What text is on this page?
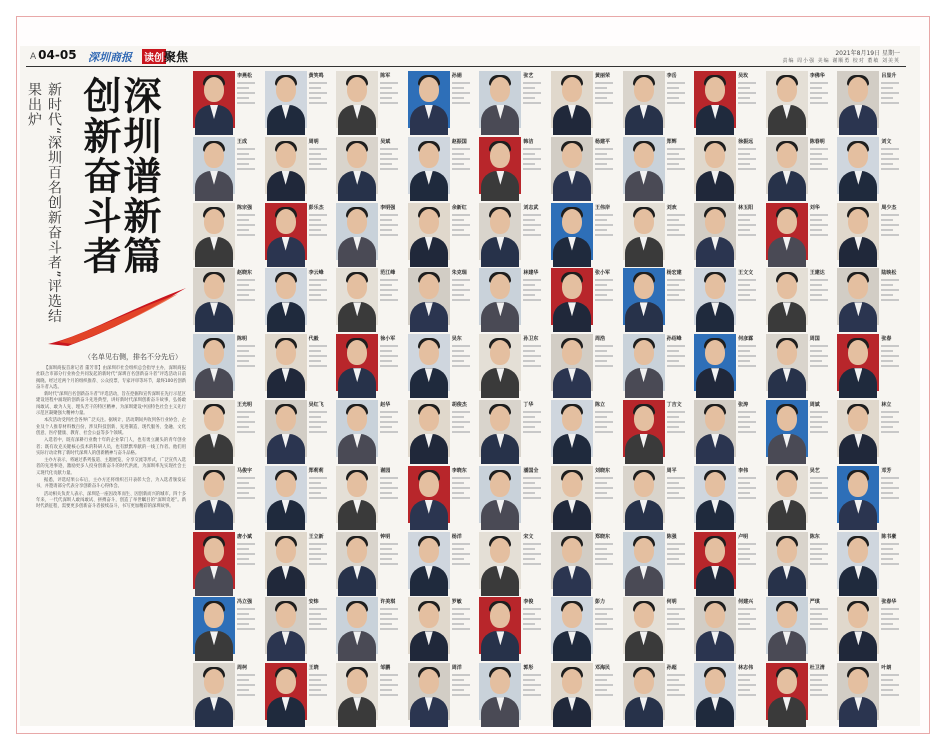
A 04-05 深圳商报 读创 聚焦	2021年8月19日 星期一
责编 周小强 美编 谢顺勇 校对 董敏 刘美英
深圳谱新篇
创新奋斗者
新时代“深圳百名创新奋斗者”评选结果出炉
（名单见右侧，排名不分先后）

【深圳商报首席记者 董芳菲】由深圳市社会组织总会指导主办，深圳商报社联合市部分行业协会共同发起的新时代“深圳百名创新奋斗者”评选活动日前揭晓。经过近两个月的组织推荐、公众投票、专家评审等环节，最终100名创新奋斗者入选。

新时代“深圳百名创新奋斗者”评选活动，旨在挖掘和宣传深圳在先行示范区建设进程中涌现的创新奋斗先进典型，讲好新时代深圳创新奋斗故事，弘扬敢闯敢试、敢为人先、埋头苦干的特区精神，为深圳建设中国特色社会主义先行示范区凝聚强大精神力量。

本次活动受到社会各界广泛关注。据统计，活动期间共收到各行业协会、企业及个人推荐材料数百份，涉及科技创新、先进制造、现代服务、金融、文化创意、医疗健康、教育、社会公益等多个领域。

入选者中，既有深耕行业数十年的企业掌门人，也有勇立潮头的青年创业者；既有攻克关键核心技术的科研人员，也有默默奉献的一线工作者。他们用实际行动诠释了新时代深圳人的创新精神与奋斗品格。

主办方表示，将通过系列报道、主题展览、分享交流等形式，广泛宣传入选者的先进事迹，激励更多人投身创新奋斗的时代洪流，为深圳率先实现社会主义现代化贡献力量。

据悉，评选结果公布后，主办方还将组织召开表彰大会，为入选者颁发证书，并邀请部分代表分享创新奋斗心得体会。

活动相关负责人表示，深圳是一座因改革而生、因创新而兴的城市。四十多年来，一代代深圳人敢闯敢试、拼搏奋斗，创造了举世瞩目的“深圳奇迹”。新时代新征程，需要更多创新奋斗者接续奋斗，书写更加精彩的深圳故事。

李燕松	黄笑鸣	陈军	孙娟	张艺	黄丽荣	李岳	吴玫	李佛华	吕显升
王成	周明	吴斌	赵振国	韩洁	杨建平	郑辉	徐振远	陈春明	刘文
陈宗强	彭乐杰	李明强	余新红	刘志武	王伟岸	刘欢	林玉阳	刘华	周少杰
赵晓东	李云峰	范江峰	朱克瑞	林建华	张小军	杨宏建	王文文	王建达	陆映松
陈明	代毅	徐小军	吴东	孙卫东	周浩	孙绍峰	何彦霖	周国	张春
王光明	吴红飞	赵华	胡俊杰	丁华	陈立	丁吉文	张涛	周斌	林立
马俊宇	郑莉莉	谢园	李晓东	潘国全	刘晓东	周平	李伟	吴艺	邓芳
唐小斌	王立新	钟明	杨洋	宋文	郑晓东	陈强	卢明	陈东	陈书豪
冯立强	安炜	许美琪	罗敏	李俊	彭力	何明	何建兴	严琪	张春华
周柯	王晓	邹鹏	周洋	郭彤	邓海民	孙超	林志伟	杜卫清	叶朗
